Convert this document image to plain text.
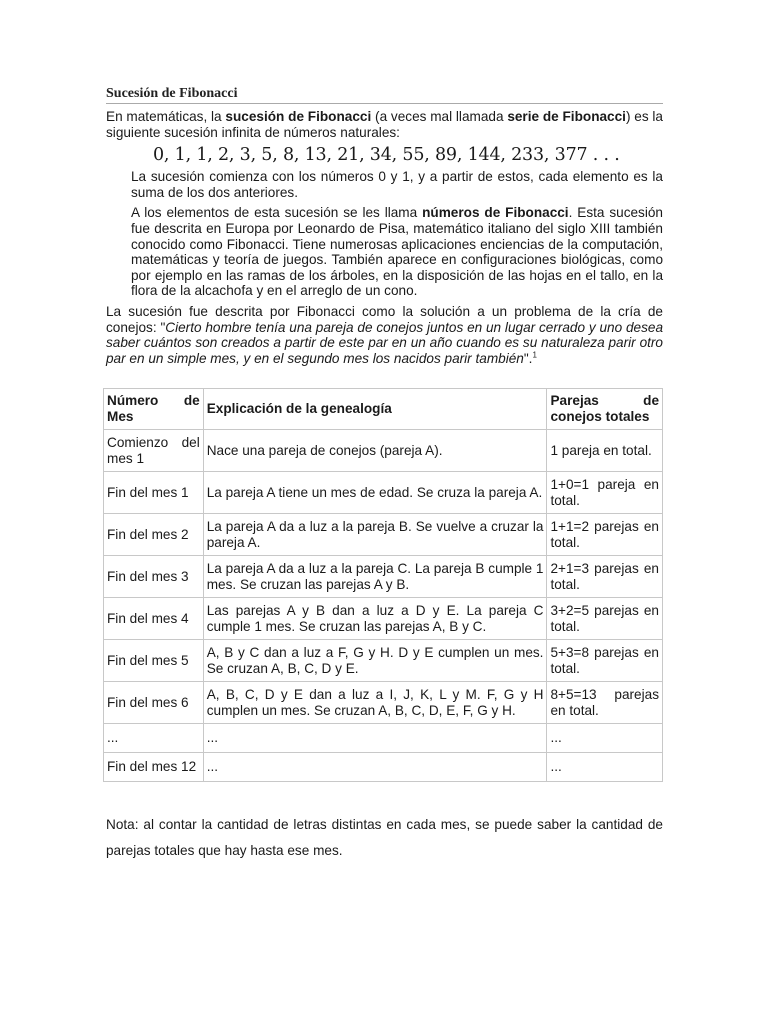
Sucesión de Fibonacci

En matemáticas, la sucesión de Fibonacci (a veces mal llamada serie de Fibonacci) es la siguiente sucesión infinita de números naturales:

0, 1, 1, 2, 3, 5, 8, 13, 21, 34, 55, 89, 144, 233, 377 . . .

La sucesión comienza con los números 0 y 1, y a partir de estos, cada elemento es la suma de los dos anteriores.

A los elementos de esta sucesión se les llama números de Fibonacci. Esta sucesión fue descrita en Europa por Leonardo de Pisa, matemático italiano del siglo XIII también conocido como Fibonacci. Tiene numerosas aplicaciones enciencias de la computación, matemáticas y teoría de juegos. También aparece en configuraciones biológicas, como por ejemplo en las ramas de los árboles, en la disposición de las hojas en el tallo, en la flora de la alcachofa y en el arreglo de un cono.

La sucesión fue descrita por Fibonacci como la solución a un problema de la cría de conejos: "Cierto hombre tenía una pareja de conejos juntos en un lugar cerrado y uno desea saber cuántos son creados a partir de este par en un año cuando es su naturaleza parir otro par en un simple mes, y en el segundo mes los nacidos parir también".$^1$

Número de Mes	Explicación de la genealogía	Parejas de conejos totales
Comienzo del mes 1	Nace una pareja de conejos (pareja A).	1 pareja en total.
Fin del mes 1	La pareja A tiene un mes de edad. Se cruza la pareja A.	1+0=1 pareja en total.
Fin del mes 2	La pareja A da a luz a la pareja B. Se vuelve a cruzar la pareja A.	1+1=2 parejas en total.
Fin del mes 3	La pareja A da a luz a la pareja C. La pareja B cumple 1 mes. Se cruzan las parejas A y B.	2+1=3 parejas en total.
Fin del mes 4	Las parejas A y B dan a luz a D y E. La pareja C cumple 1 mes. Se cruzan las parejas A, B y C.	3+2=5 parejas en total.
Fin del mes 5	A, B y C dan a luz a F, G y H. D y E cumplen un mes. Se cruzan A, B, C, D y E.	5+3=8 parejas en total.
Fin del mes 6	A, B, C, D y E dan a luz a I, J, K, L y M. F, G y H cumplen un mes. Se cruzan A, B, C, D, E, F, G y H.	8+5=13 parejas en total.
...	...	...
Fin del mes 12	...	...

Nota: al contar la cantidad de letras distintas en cada mes, se puede saber la cantidad de parejas totales que hay hasta ese mes.
